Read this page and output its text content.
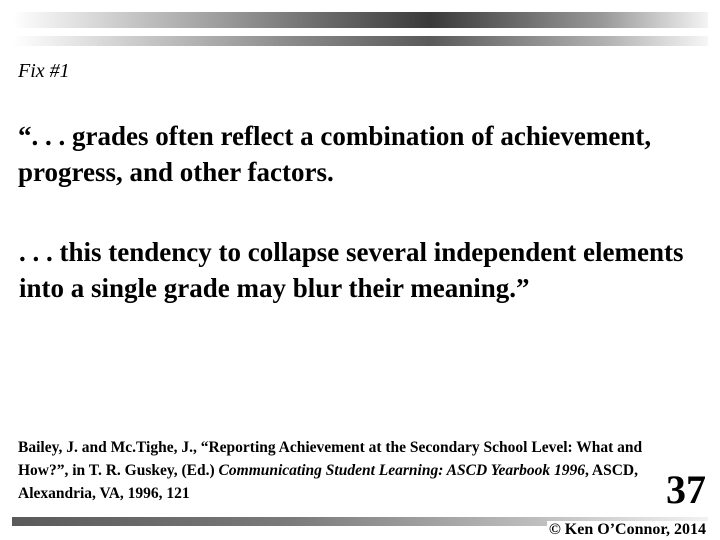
Fix #1

“. . . grades often reflect a combination of achievement, progress, and other factors.

. . . this tendency to collapse several independent elements into a single grade may blur their meaning.”

Bailey, J. and Mc.Tighe, J., “Reporting Achievement at the Secondary School Level: What and How?”, in T. R. Guskey, (Ed.) Communicating Student Learning: ASCD Yearbook 1996, ASCD, Alexandria, VA, 1996, 121	37
© Ken O’Connor, 2014
